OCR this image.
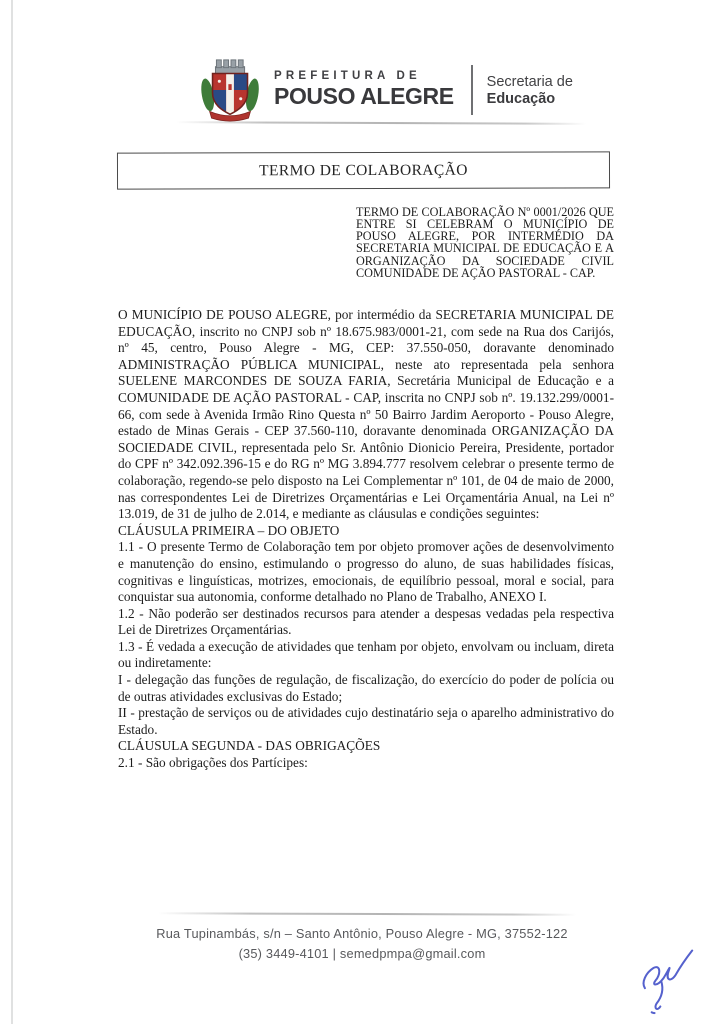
PREFEITURA DE
POUSO ALEGRE
Secretaria de
Educação
TERMO DE COLABORAÇÃO
TERMO DE COLABORAÇÃO Nº 0001/2026 QUE ENTRE SI CELEBRAM O MUNICÍPIO DE POUSO ALEGRE, POR INTERMÉDIO DA SECRETARIA MUNICIPAL DE EDUCAÇÃO E A ORGANIZAÇÃO DA SOCIEDADE CIVIL COMUNIDADE DE AÇÃO PASTORAL - CAP.

O MUNICÍPIO DE POUSO ALEGRE, por intermédio da SECRETARIA MUNICIPAL DE EDUCAÇÃO, inscrito no CNPJ sob nº 18.675.983/0001-21, com sede na Rua dos Carijós, nº 45, centro, Pouso Alegre - MG, CEP: 37.550-050, doravante denominado ADMINISTRAÇÃO PÚBLICA MUNICIPAL, neste ato representada pela senhora SUELENE MARCONDES DE SOUZA FARIA, Secretária Municipal de Educação e a COMUNIDADE DE AÇÃO PASTORAL - CAP, inscrita no CNPJ sob nº. 19.132.299/0001-66, com sede à Avenida Irmão Rino Questa nº 50 Bairro Jardim Aeroporto - Pouso Alegre, estado de Minas Gerais - CEP 37.560-110, doravante denominada ORGANIZAÇÃO DA SOCIEDADE CIVIL, representada pelo Sr. Antônio Dionicio Pereira, Presidente, portador do CPF nº 342.092.396-15 e do RG nº MG 3.894.777 resolvem celebrar o presente termo de colaboração, regendo-se pelo disposto na Lei Complementar nº 101, de 04 de maio de 2000, nas correspondentes Lei de Diretrizes Orçamentárias e Lei Orçamentária Anual, na Lei nº 13.019, de 31 de julho de 2.014, e mediante as cláusulas e condições seguintes:

CLÁUSULA PRIMEIRA – DO OBJETO

1.1 - O presente Termo de Colaboração tem por objeto promover ações de desenvolvimento e manutenção do ensino, estimulando o progresso do aluno, de suas habilidades físicas, cognitivas e linguísticas, motrizes, emocionais, de equilíbrio pessoal, moral e social, para conquistar sua autonomia, conforme detalhado no Plano de Trabalho, ANEXO I.

1.2 - Não poderão ser destinados recursos para atender a despesas vedadas pela respectiva Lei de Diretrizes Orçamentárias.

1.3 - É vedada a execução de atividades que tenham por objeto, envolvam ou incluam, direta ou indiretamente:

I - delegação das funções de regulação, de fiscalização, do exercício do poder de polícia ou de outras atividades exclusivas do Estado;

II - prestação de serviços ou de atividades cujo destinatário seja o aparelho administrativo do Estado.

CLÁUSULA SEGUNDA - DAS OBRIGAÇÕES

2.1 - São obrigações dos Partícipes:

Rua Tupinambás, s/n – Santo Antônio, Pouso Alegre - MG, 37552-122
(35) 3449-4101 | semedpmpa@gmail.com
